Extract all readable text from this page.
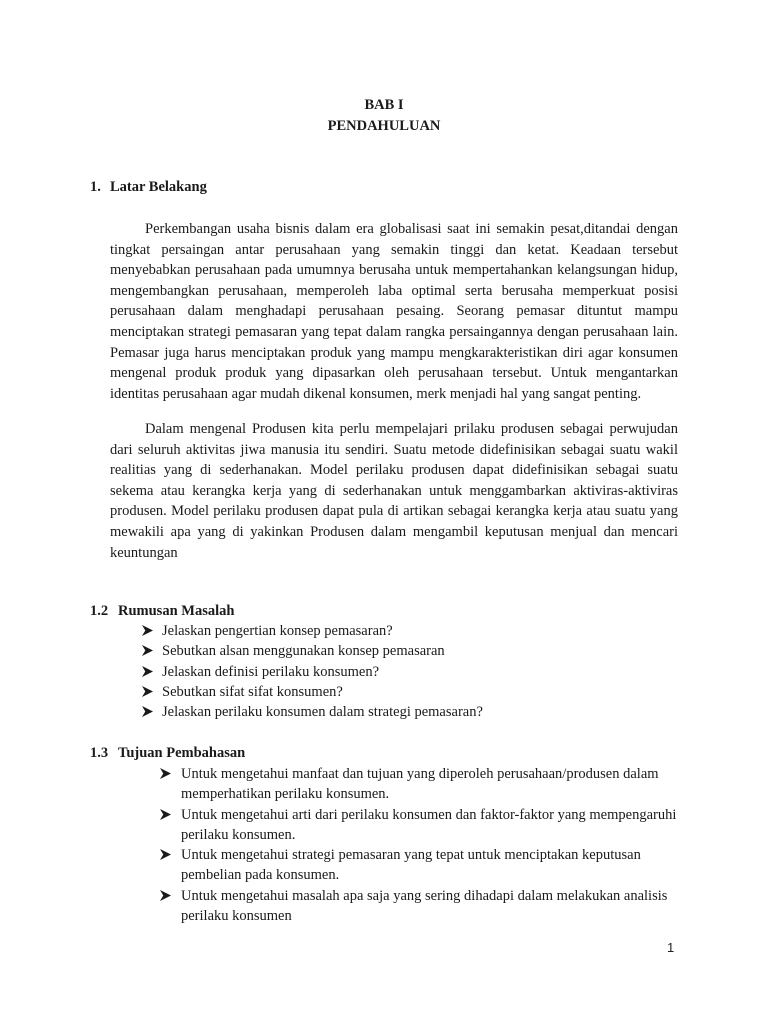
BAB I
PENDAHULUAN
1. Latar Belakang

Perkembangan usaha bisnis dalam era globalisasi saat ini semakin pesat,ditandai dengan tingkat persaingan antar perusahaan yang semakin tinggi dan ketat. Keadaan tersebut menyebabkan perusahaan pada umumnya berusaha untuk mempertahankan kelangsungan hidup, mengembangkan perusahaan, memperoleh laba optimal serta berusaha memperkuat posisi perusahaan dalam menghadapi perusahaan pesaing. Seorang pemasar dituntut mampu menciptakan strategi pemasaran yang tepat dalam rangka persaingannya dengan perusahaan lain. Pemasar juga harus menciptakan produk yang mampu mengkarakteristikan diri agar konsumen mengenal produk produk yang dipasarkan oleh perusahaan tersebut. Untuk mengantarkan identitas perusahaan agar mudah dikenal konsumen, merk menjadi hal yang sangat penting.

Dalam mengenal Produsen kita perlu mempelajari prilaku produsen sebagai perwujudan dari seluruh aktivitas jiwa manusia itu sendiri. Suatu metode didefinisikan sebagai suatu wakil realitias yang di sederhanakan. Model perilaku produsen dapat didefinisikan sebagai suatu sekema atau kerangka kerja yang di sederhanakan untuk menggambarkan aktiviras-aktiviras produsen. Model perilaku produsen dapat pula di artikan sebagai kerangka kerja atau suatu yang mewakili apa yang di yakinkan Produsen dalam mengambil keputusan menjual dan mencari keuntungan

1.2 Rumusan Masalah
Jelaskan pengertian konsep pemasaran?
Sebutkan alsan menggunakan konsep pemasaran
Jelaskan definisi perilaku konsumen?
Sebutkan sifat sifat konsumen?
Jelaskan perilaku konsumen dalam strategi pemasaran?
1.3 Tujuan Pembahasan
Untuk mengetahui manfaat dan tujuan yang diperoleh perusahaan/produsen dalam memperhatikan perilaku konsumen.
Untuk mengetahui arti dari perilaku konsumen dan faktor-faktor yang mempengaruhi perilaku konsumen.
Untuk mengetahui strategi pemasaran yang tepat untuk menciptakan keputusan pembelian pada konsumen.
Untuk mengetahui masalah apa saja yang sering dihadapi dalam melakukan analisis perilaku konsumen
1
